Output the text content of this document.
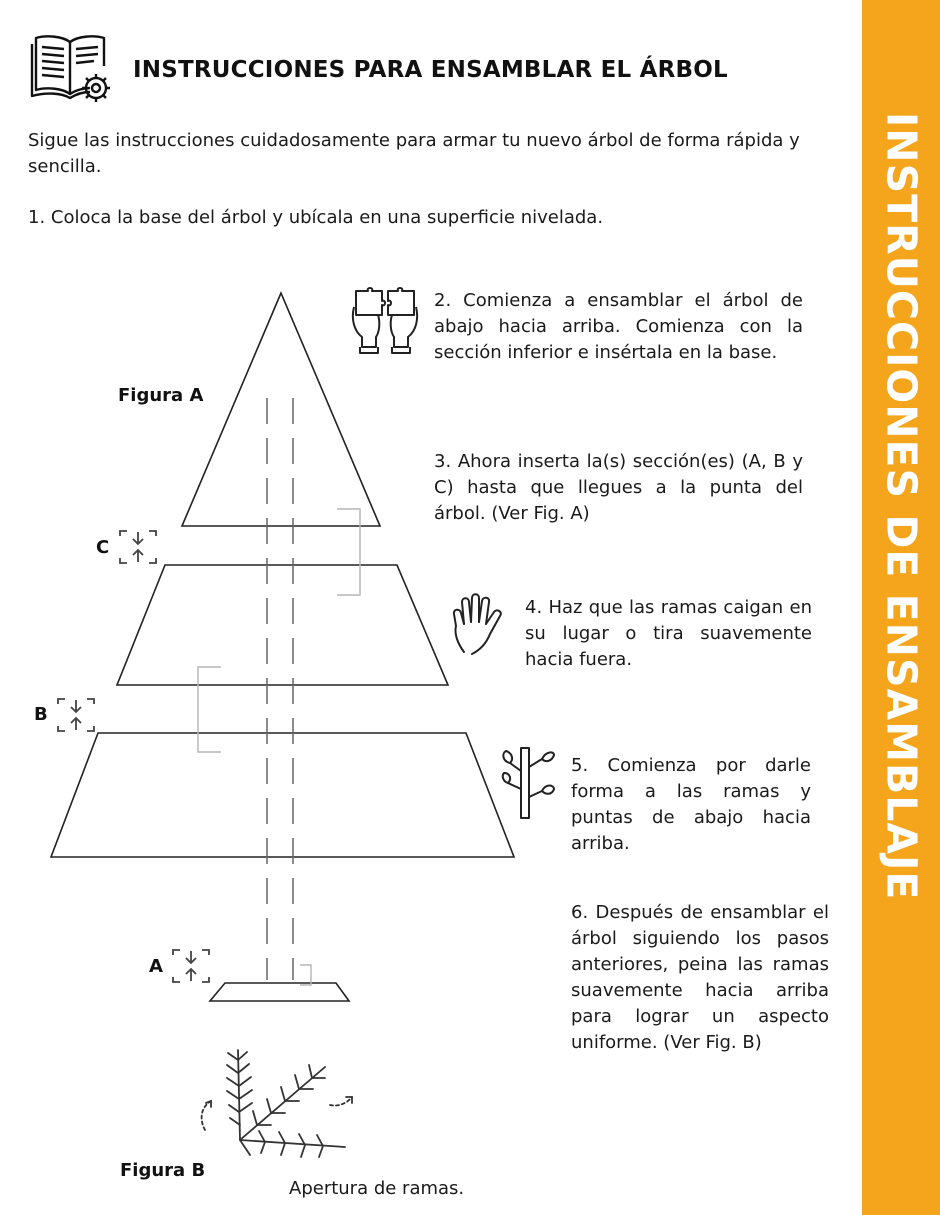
INSTRUCCIONES DE ENSAMBLAJE
INSTRUCCIONES PARA ENSAMBLAR EL ÁRBOL
Sigue las instrucciones cuidadosamente para armar tu nuevo árbol de forma rápida y sencilla.
1. Coloca la base del árbol y ubícala en una superficie nivelada.
Figura A
C
B
A
2. Comienza a ensamblar el árbol de abajo hacia arriba. Comienza con la sección inferior e insértala en la base.
3. Ahora inserta la(s) sección(es) (A, B y C) hasta que llegues a la punta del árbol. (Ver Fig. A)
4. Haz que las ramas caigan en su lugar o tira suavemente hacia fuera.
5. Comienza por darle forma a las ramas y puntas de abajo hacia arriba.
6. Después de ensamblar el árbol siguiendo los pasos anteriores, peina las ramas suavemente hacia arriba para lograr un aspecto uniforme. (Ver Fig. B)
Figura B
Apertura de ramas.
